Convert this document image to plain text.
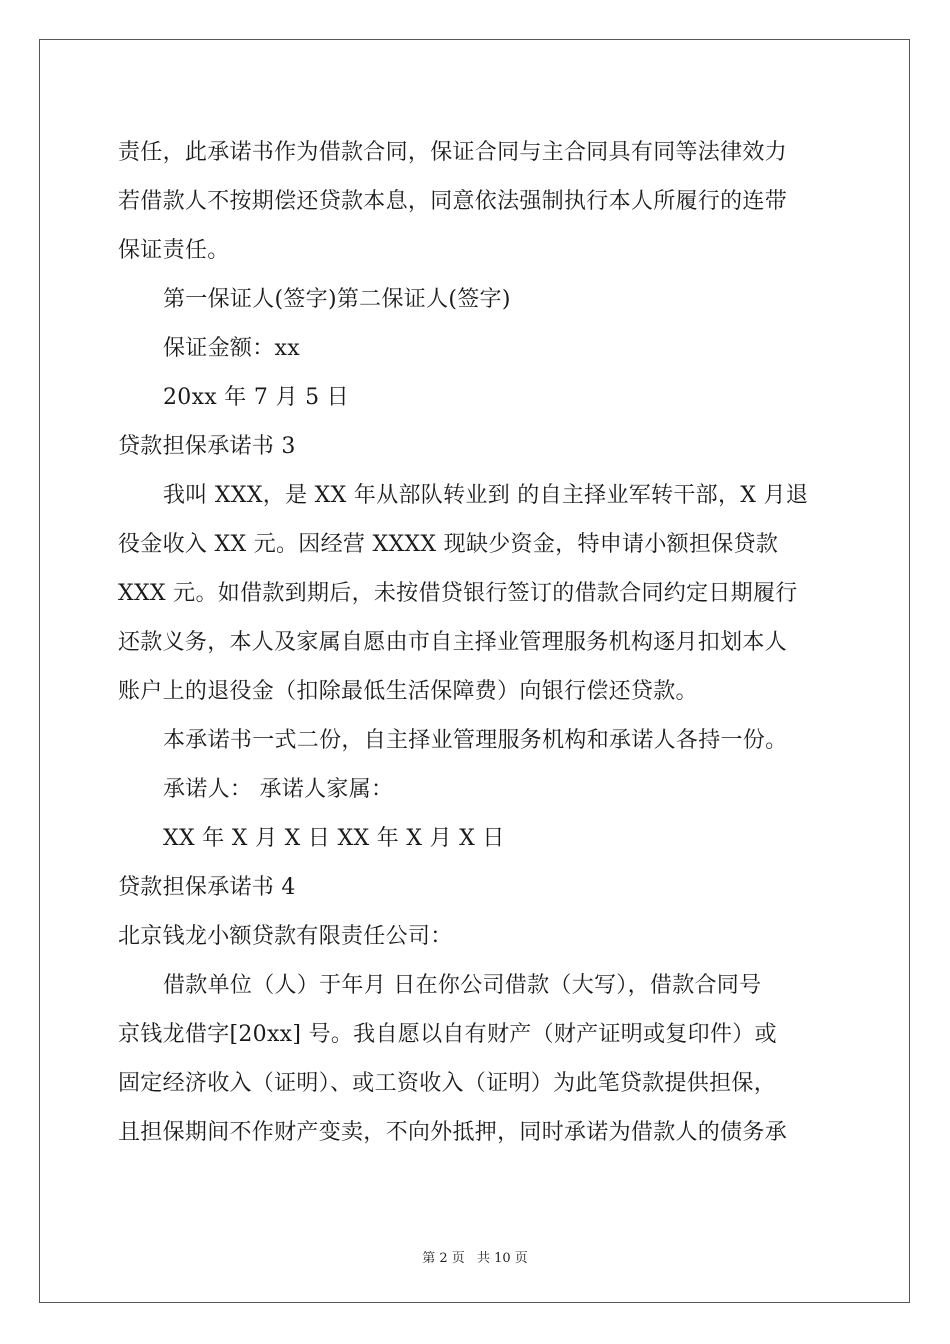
责任，此承诺书作为借款合同，保证合同与主合同具有同等法律效力
若借款人不按期偿还贷款本息，同意依法强制执行本人所履行的连带
保证责任。
第一保证人(签字)第二保证人(签字)
保证金额：xx
20xx 年 7 月 5 日
贷款担保承诺书 3
我叫 XXX，是 XX 年从部队转业到 的自主择业军转干部，X 月退
役金收入 XX 元。因经营 XXXX 现缺少资金，特申请小额担保贷款
XXX 元。如借款到期后，未按借贷银行签订的借款合同约定日期履行
还款义务，本人及家属自愿由市自主择业管理服务机构逐月扣划本人
账户上的退役金（扣除最低生活保障费）向银行偿还贷款。
本承诺书一式二份，自主择业管理服务机构和承诺人各持一份。
承诺人： 承诺人家属：
XX 年 X 月 X 日 XX 年 X 月 X 日
贷款担保承诺书 4
北京钱龙小额贷款有限责任公司：
借款单位（人）于年月 日在你公司借款（大写），借款合同号
京钱龙借字[20xx] 号。我自愿以自有财产（财产证明或复印件）或
固定经济收入（证明）、或工资收入（证明）为此笔贷款提供担保，
且担保期间不作财产变卖，不向外抵押，同时承诺为借款人的债务承
第 2 页 共 10 页
